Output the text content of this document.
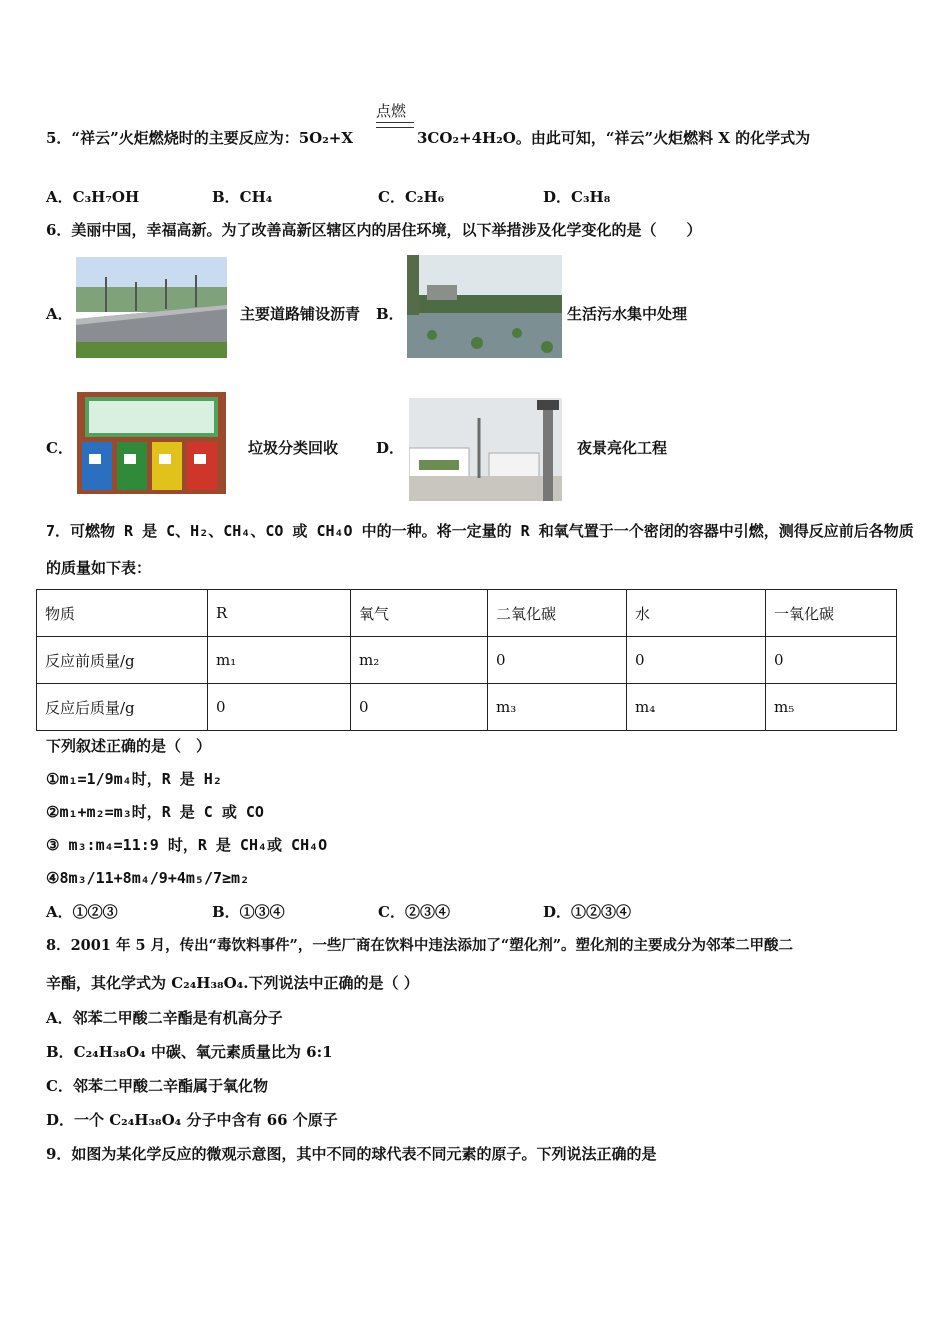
点燃
5．“祥云”火炬燃烧时的主要反应为：5O₂+X	3CO₂+4H₂O。由此可知，“祥云”火炬燃料 X 的化学式为
A．C₃H₇OH	B．CH₄	C．C₂H₆	D．C₃H₈
6．美丽中国，幸福高新。为了改善高新区辖区内的居住环境，以下举措涉及化学变化的是（　　）
A．	主要道路铺设沥青 B．	生活污水集中处理
C．	垃圾分类回收	D．	夜景亮化工程
7．可燃物 R 是 C、H₂、CH₄、CO 或 CH₄O 中的一种。将一定量的 R 和氧气置于一个密闭的容器中引燃，测得反应前后各物质
的质量如下表：
物质	R	氧气	二氧化碳	水	一氧化碳
反应前质量/g	m₁	m₂	0	0	0
反应后质量/g	0	0	m₃	m₄	m₅
下列叙述正确的是（　）
①m₁=1/9m₄时，R 是 H₂
②m₁+m₂=m₃时，R 是 C 或 CO
③ m₃:m₄=11:9 时，R 是 CH₄或 CH₄O
④8m₃/11+8m₄/9+4m₅/7≥m₂
A．①②③	B．①③④	C．②③④	D．①②③④
8．2001 年 5 月，传出“毒饮料事件”，一些厂商在饮料中违法添加了“塑化剂”。塑化剂的主要成分为邻苯二甲酸二
辛酯，其化学式为 C₂₄H₃₈O₄.下列说法中正确的是（ ）
A．邻苯二甲酸二辛酯是有机高分子
B．C₂₄H₃₈O₄ 中碳、氧元素质量比为 6:1
C．邻苯二甲酸二辛酯属于氧化物
D．一个 C₂₄H₃₈O₄ 分子中含有 66 个原子
9．如图为某化学反应的微观示意图，其中不同的球代表不同元素的原子。下列说法正确的是
